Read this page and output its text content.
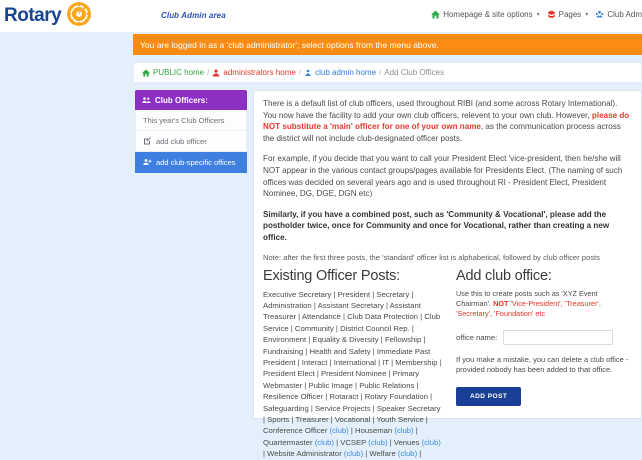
Rotary	Club Admin area	Homepage & site options ▾ Pages ▾ Club Adm
You are logged in as a 'club administrator'; select options from the menu above.
PUBLIC home / administrators home / club admin home / Add Club Offices
Club Officers:
This year's Club Officers
add club officer
add club-specific offices

There is a default list of club officers, used throughout RIBI (and some across Rotary International). You now have the facility to add your own club officers, relevent to your own club. However, please do NOT substitute a 'main' officer for one of your own name, as the communication process across the district will not include club-designated officer posts.

For example, if you decide that you want to call your President Elect 'vice-president, then he/she will NOT appear in the various contact groups/pages available for Presidents Elect. (The naming of such offices was decided on several years ago and is used throughout RI - President Elect, President Nominee, DG, DGE, DGN etc)

Similarly, if you have a combined post, such as 'Community & Vocational', please add the postholder twice, once for Community and once for Vocational, rather than creating a new office.

Note: after the first three posts, the 'standard' officer list is alphabetical, followed by club officer posts

Existing Officer Posts:
Executive Secretary | President | Secretary | Administration | Assistant Secretary | Assistant Treasurer | Attendance | Club Data Protection | Club Service | Community | District Council Rep. | Environment | Equality & Diversity | Fellowship | Fundraising | Health and Safety | Immediate Past President | Interact | International | IT | Membership | President Elect | President Nominee | Primary Webmaster | Public Image | Public Relations | Resilience Officer | Rotaract | Rotary Foundation | Safeguarding | Service Projects | Speaker Secretary | Sports | Treasurer | Vocational | Youth Service | Conference Officer (club) | Houseman (club) | Quartermaster (club) | VCSEP (club) | Venues (club) | Website Administrator (club) | Welfare (club) |
Add club office:

Use this to create posts such as 'XYZ Event Chairman'. NOT 'Vice-President', 'Treasurer', 'Secretary', 'Foundation' etc

office name:

If you make a mistake, you can delete a club office - provided nobody has been added to that office.

ADD POST
